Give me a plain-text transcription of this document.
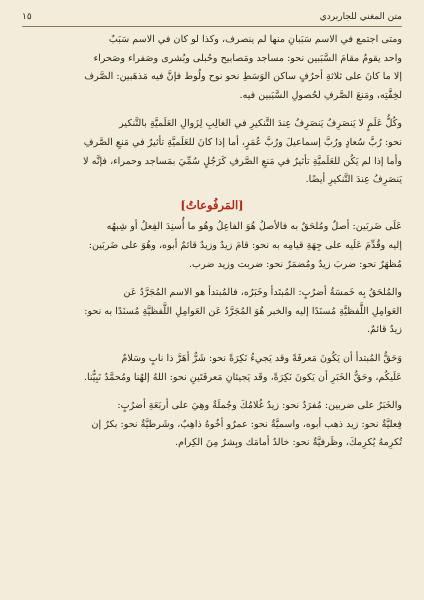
متن المغني للجاربردي
١٥
ومتى اجتمع في الاسم سَبَبانِ منها لم ينصرف، وكذا لو كان في الاسم سَبَبٌ
واحد يقومُ مقامَ السَّبَبين نحو: مساجد ومَصابيح وحُبلى وبُشرى وصَفراء وصَحراء
إلا ما كانَ على ثلاثةِ أحرُفٍ ساكن الوَسَطِ نحو نوح ولُوط فإنَّ فيه مَذهَبين: الصَّرف
لخِفَّتِه، ومَنعَ الصَّرفِ لحُصولِ السَّبَبين فيه.
وكُلُّ عَلَمٍ لا يَنصَرِفُ يَنصَرِفُ عِندَ التَّنكيرِ في الغالِبِ لِزَوالِ العَلَميَّةِ بالتَّنكير
نحو: رُبَّ سُعادٍ ورُبَّ إسماعيلَ ورُبَّ عُمَرٍ، أما إذا كانَ للعَلَميَّةِ تأثيرٌ في مَنعِ الصَّرفِ
وأما إذا لم يَكُن للعَلَميَّةِ تأثيرٌ في مَنعِ الصَّرفِ كَرَجُلٍ سُمِّيَ بمَساجد وحمراء، فإنَّه لا
يَنصَرِفُ عِندَ التَّنكيرِ أيضًا.
[المَرفُوعاتُ]
عَلَى ضَربَين: أصلٌ ومُلحَقٌ به فالأصلُ هُوَ الفاعِلُ وهُو ما أُسنِدَ الفِعلُ أو شِبهُه
إليه وقُدِّمَ عَلَيه على جِهَةِ قيامِه به نحو: قامَ زيدٌ وزيدٌ قائمٌ أبوه، وهُوَ على ضَربَين:
مُظهَرٌ نحو: ضربَ زيدٌ ومُضمَرٌ نحو: ضربت وزيد ضرب.
والمُلحَقُ بِه خَمسَةُ أضرُبٍ: المُبتَدأ وخَبَرُه، فالمُبتدأ هو الاسم المُجَرَّدُ عَن
العَوامِلِ اللَّفظيَّةِ مُسنَدًا إليه والخبر هُوَ المُجَرَّدُ عَن العَوامِلِ اللَّفظيَّةِ مُسنَدًا به نحو:
زيدٌ قائمٌ.
وَحَقُّ المُبتدأ أن يَكُونَ مَعرفَةً وقد يَجيءُ نَكِرَةً نحو: شَرٌّ أهَرَّ ذا نابٍ وسَلامٌ
عَلَيكُم، وحَقُّ الخَبَرِ أن يَكونَ نَكِرَةً، وقَد يَجيئانِ مَعرفَتَينِ نحو: اللهُ إلهُنا ومُحمَّدٌ نَبِيُّنا.
والخَبَرُ على ضربين: مُفرَدٌ نحو: زيدٌ غُلامُكَ وجُملَةٌ وهِيَ على أربَعَةِ أضرُبٍ:
فِعليَّةٌ نحو: زيد ذهب أبوه، واسميَّةٌ نحو: عمرٌو أخُوهُ ذاهِبٌ، وشَرطيَّةٌ نحو: بكرٌ إن
تُكرِمهُ يُكرِمكَ، وظَرفيَّةٌ نحو: خالدٌ أمامَك وبِشرٌ مِنَ الكِرام.
